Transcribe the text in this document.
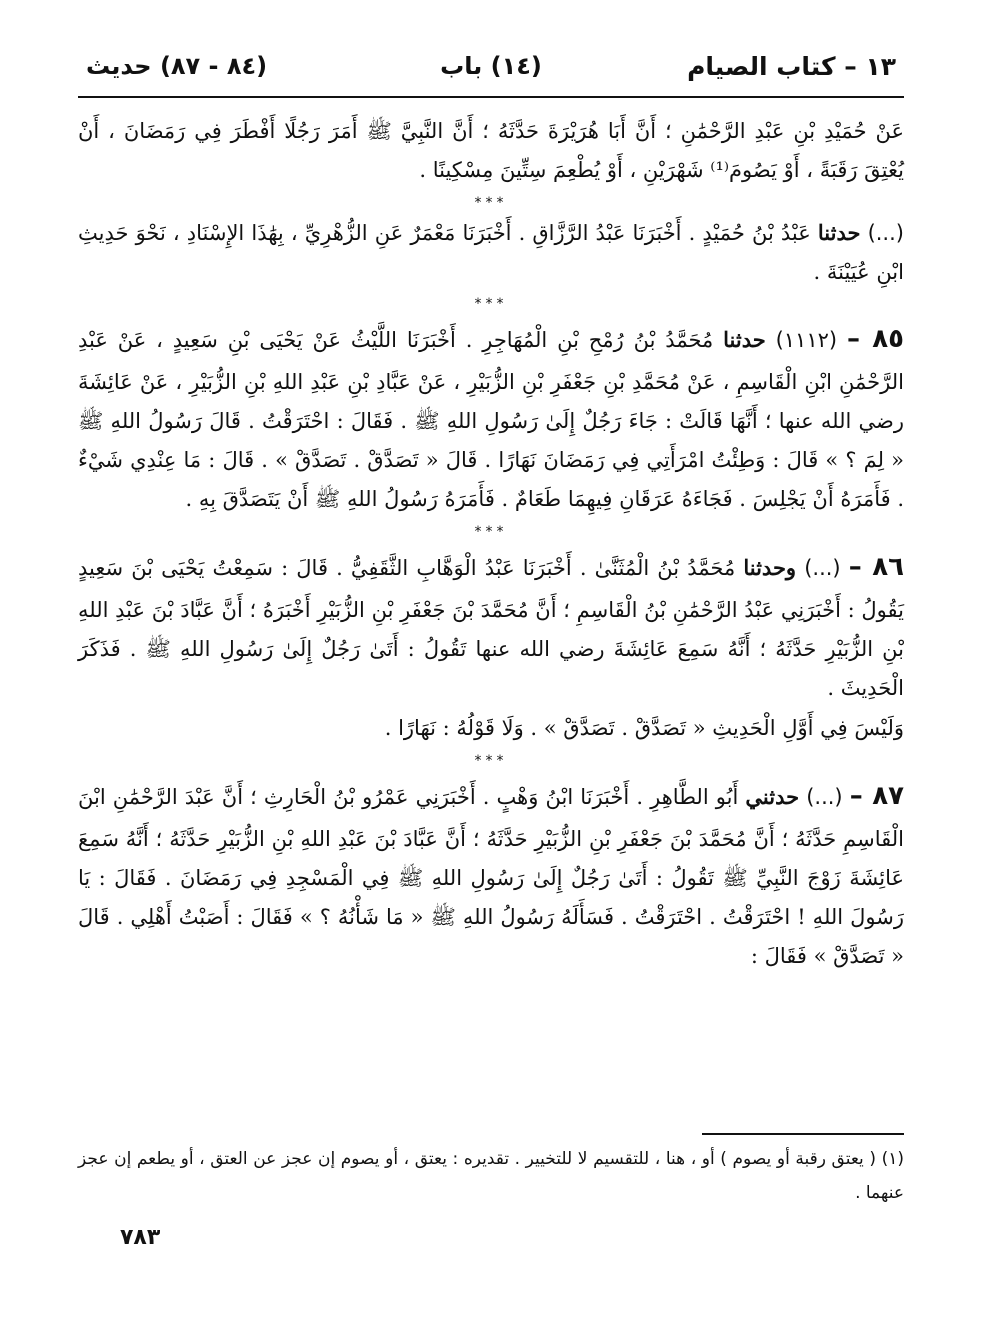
١٣ – كتاب الصيام
(١٤) باب
(٨٤ - ٨٧) حديث

عَنْ حُمَيْدِ بْنِ عَبْدِ الرَّحْمَٰنِ ؛ أَنَّ أَبَا هُرَيْرَةَ حَدَّثَهُ ؛ أَنَّ النَّبِيَّ ﷺ أَمَرَ رَجُلًا أَفْطَرَ فِي رَمَضَانَ ، أَنْ يُعْتِقَ رَقَبَةً ، أَوْ يَصُومَ⁽¹⁾ شَهْرَيْنِ ، أَوْ يُطْعِمَ سِتِّينَ مِسْكِينًا .

***

(...) حدثنا عَبْدُ بْنُ حُمَيْدٍ . أَخْبَرَنَا عَبْدُ الرَّزَّاقِ . أَخْبَرَنَا مَعْمَرٌ عَنِ الزُّهْرِيِّ ، بِهَٰذَا الإِسْنَادِ ، نَحْوَ حَدِيثِ ابْنِ عُيَيْنَةَ .

***

٨٥ – (١١١٢) حدثنا مُحَمَّدُ بْنُ رُمْحِ بْنِ الْمُهَاجِرِ . أَخْبَرَنَا اللَّيْثُ عَنْ يَحْيَى بْنِ سَعِيدٍ ، عَنْ عَبْدِ الرَّحْمَٰنِ ابْنِ الْقَاسِمِ ، عَنْ مُحَمَّدِ بْنِ جَعْفَرِ بْنِ الزُّبَيْرِ ، عَنْ عَبَّادِ بْنِ عَبْدِ اللهِ بْنِ الزُّبَيْرِ ، عَنْ عَائِشَةَ رضي الله عنها ؛ أَنَّهَا قَالَتْ : جَاءَ رَجُلٌ إِلَىٰ رَسُولِ اللهِ ﷺ . فَقَالَ : احْتَرَقْتُ . قَالَ رَسُولُ اللهِ ﷺ « لِمَ ؟ » قَالَ : وَطِئْتُ امْرَأَتِي فِي رَمَضَانَ نَهَارًا . قَالَ « تَصَدَّقْ . تَصَدَّقْ » . قَالَ : مَا عِنْدِي شَيْءٌ . فَأَمَرَهُ أَنْ يَجْلِسَ . فَجَاءَهُ عَرَقَانِ فِيهِمَا طَعَامٌ . فَأَمَرَهُ رَسُولُ اللهِ ﷺ أَنْ يَتَصَدَّقَ بِهِ .

***

٨٦ – (...) وحدثنا مُحَمَّدُ بْنُ الْمُثَنَّىٰ . أَخْبَرَنَا عَبْدُ الْوَهَّابِ الثَّقَفِيُّ . قَالَ : سَمِعْتُ يَحْيَى بْنَ سَعِيدٍ يَقُولُ : أَخْبَرَنِي عَبْدُ الرَّحْمَٰنِ بْنُ الْقَاسِمِ ؛ أَنَّ مُحَمَّدَ بْنَ جَعْفَرِ بْنِ الزُّبَيْرِ أَخْبَرَهُ ؛ أَنَّ عَبَّادَ بْنَ عَبْدِ اللهِ بْنِ الزُّبَيْرِ حَدَّثَهُ ؛ أَنَّهُ سَمِعَ عَائِشَةَ رضي الله عنها تَقُولُ : أَتَىٰ رَجُلٌ إِلَىٰ رَسُولِ اللهِ ﷺ . فَذَكَرَ الْحَدِيثَ .

وَلَيْسَ فِي أَوَّلِ الْحَدِيثِ « تَصَدَّقْ . تَصَدَّقْ » . وَلَا قَوْلُهُ : نَهَارًا .

***

٨٧ – (...) حدثني أَبُو الطَّاهِرِ . أَخْبَرَنَا ابْنُ وَهْبٍ . أَخْبَرَنِي عَمْرُو بْنُ الْحَارِثِ ؛ أَنَّ عَبْدَ الرَّحْمَٰنِ ابْنَ الْقَاسِمِ حَدَّثَهُ ؛ أَنَّ مُحَمَّدَ بْنَ جَعْفَرِ بْنِ الزُّبَيْرِ حَدَّثَهُ ؛ أَنَّ عَبَّادَ بْنَ عَبْدِ اللهِ بْنِ الزُّبَيْرِ حَدَّثَهُ ؛ أَنَّهُ سَمِعَ عَائِشَةَ زَوْجَ النَّبِيِّ ﷺ تَقُولُ : أَتَىٰ رَجُلٌ إِلَىٰ رَسُولِ اللهِ ﷺ فِي الْمَسْجِدِ فِي رَمَضَانَ . فَقَالَ : يَا رَسُولَ اللهِ ! احْتَرَقْتُ . احْتَرَقْتُ . فَسَأَلَهُ رَسُولُ اللهِ ﷺ « مَا شَأْنُهُ ؟ » فَقَالَ : أَصَبْتُ أَهْلِي . قَالَ « تَصَدَّقْ » فَقَالَ :

(١) ( يعتق رقبة أو يصوم ) أو ، هنا ، للتقسيم لا للتخيير . تقديره : يعتق ، أو يصوم إن عجز عن العتق ، أو يطعم إن عجز عنهما .
٧٨٣
